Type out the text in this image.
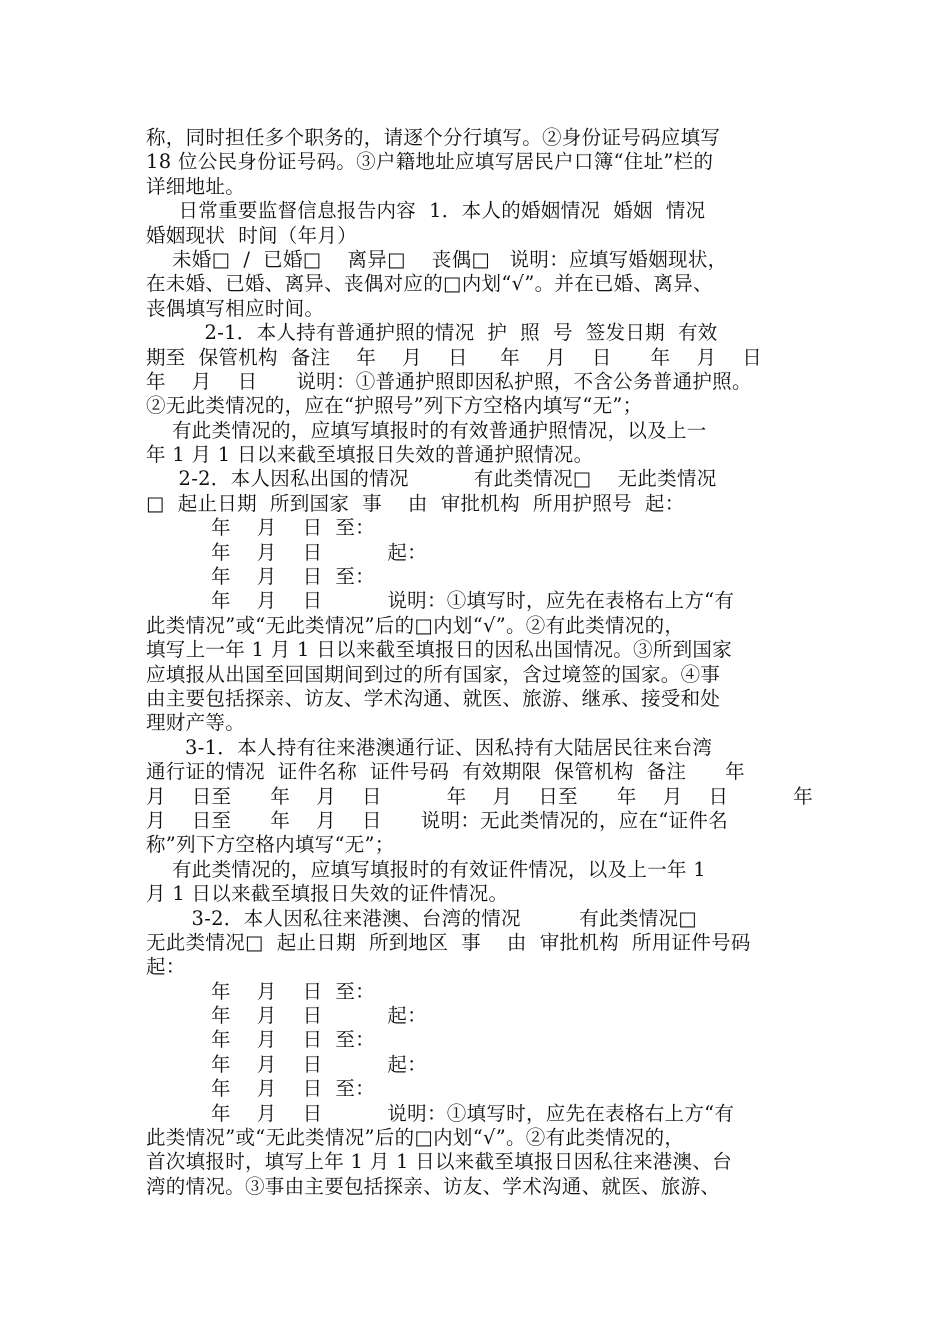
称，同时担任多个职务的，请逐个分行填写。②身份证号码应填写
18 位公民身份证号码。③户籍地址应填写居民户口簿“住址”栏的
详细地址。
日常重要监督信息报告内容  1．本人的婚姻情况  婚姻  情况
婚姻现状  时间（年月）
未婚□  /  已婚□    离异□    丧偶□   说明：应填写婚姻现状，
在未婚、已婚、离异、丧偶对应的□内划“√”。并在已婚、离异、
丧偶填写相应时间。
2-1．本人持有普通护照的情况  护  照  号  签发日期  有效
期至  保管机构  备注    年    月    日     年    月    日      年    月    日
年    月    日      说明：①普通护照即因私护照，不含公务普通护照。
②无此类情况的，应在“护照号”列下方空格内填写“无”；
有此类情况的，应填写填报时的有效普通护照情况，以及上一
年 1 月 1 日以来截至填报日失效的普通护照情况。
2-2．本人因私出国的情况          有此类情况□    无此类情况
□  起止日期  所到国家  事    由  审批机构  所用护照号  起：
年    月    日  至：
年    月    日          起：
年    月    日  至：
年    月    日          说明：①填写时，应先在表格右上方“有
此类情况”或“无此类情况”后的□内划“√”。②有此类情况的，
填写上一年 1 月 1 日以来截至填报日的因私出国情况。③所到国家
应填报从出国至回国期间到过的所有国家，含过境签的国家。④事
由主要包括探亲、访友、学术沟通、就医、旅游、继承、接受和处
理财产等。
3-1．本人持有往来港澳通行证、因私持有大陆居民往来台湾
通行证的情况  证件名称  证件号码  有效期限  保管机构  备注      年
月    日至      年    月    日          年    月    日至      年    月    日          年
月    日至      年    月    日      说明：无此类情况的，应在“证件名
称”列下方空格内填写“无”；
有此类情况的，应填写填报时的有效证件情况，以及上一年 1
月 1 日以来截至填报日失效的证件情况。
3-2．本人因私往来港澳、台湾的情况         有此类情况□
无此类情况□  起止日期  所到地区  事    由  审批机构  所用证件号码
起：
年    月    日  至：
年    月    日          起：
年    月    日  至：
年    月    日          起：
年    月    日  至：
年    月    日          说明：①填写时，应先在表格右上方“有
此类情况”或“无此类情况”后的□内划“√”。②有此类情况的，
首次填报时，填写上年 1 月 1 日以来截至填报日因私往来港澳、台
湾的情况。③事由主要包括探亲、访友、学术沟通、就医、旅游、
